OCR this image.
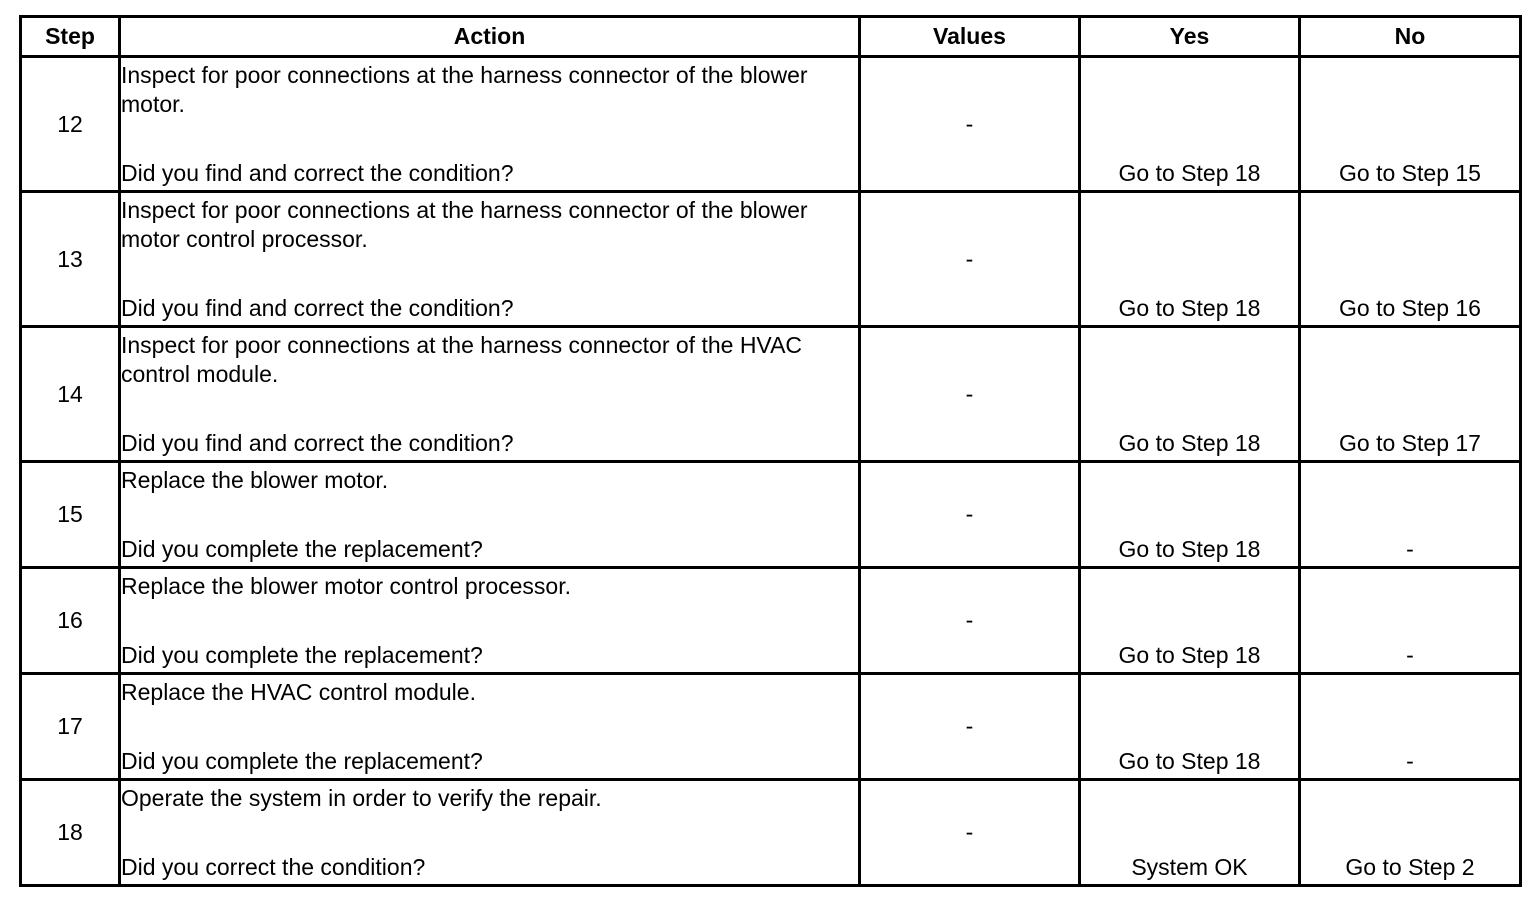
Step	Action	Values	Yes	No
12	Inspect for poor connections at the harness connector of the blower motor.
Did you find and correct the condition?	-	Go to Step 18	Go to Step 15

13	Inspect for poor connections at the harness connector of the blower motor control processor.
Did you find and correct the condition?	-	Go to Step 18	Go to Step 16

14	Inspect for poor connections at the harness connector of the HVAC control module.
Did you find and correct the condition?	-	Go to Step 18	Go to Step 17

15	Replace the blower motor.
Did you complete the replacement?	-	Go to Step 18	-

16	Replace the blower motor control processor.
Did you complete the replacement?	-	Go to Step 18	-

17	Replace the HVAC control module.
Did you complete the replacement?	-	Go to Step 18	-

18	Operate the system in order to verify the repair.
Did you correct the condition?	-	System OK	Go to Step 2
